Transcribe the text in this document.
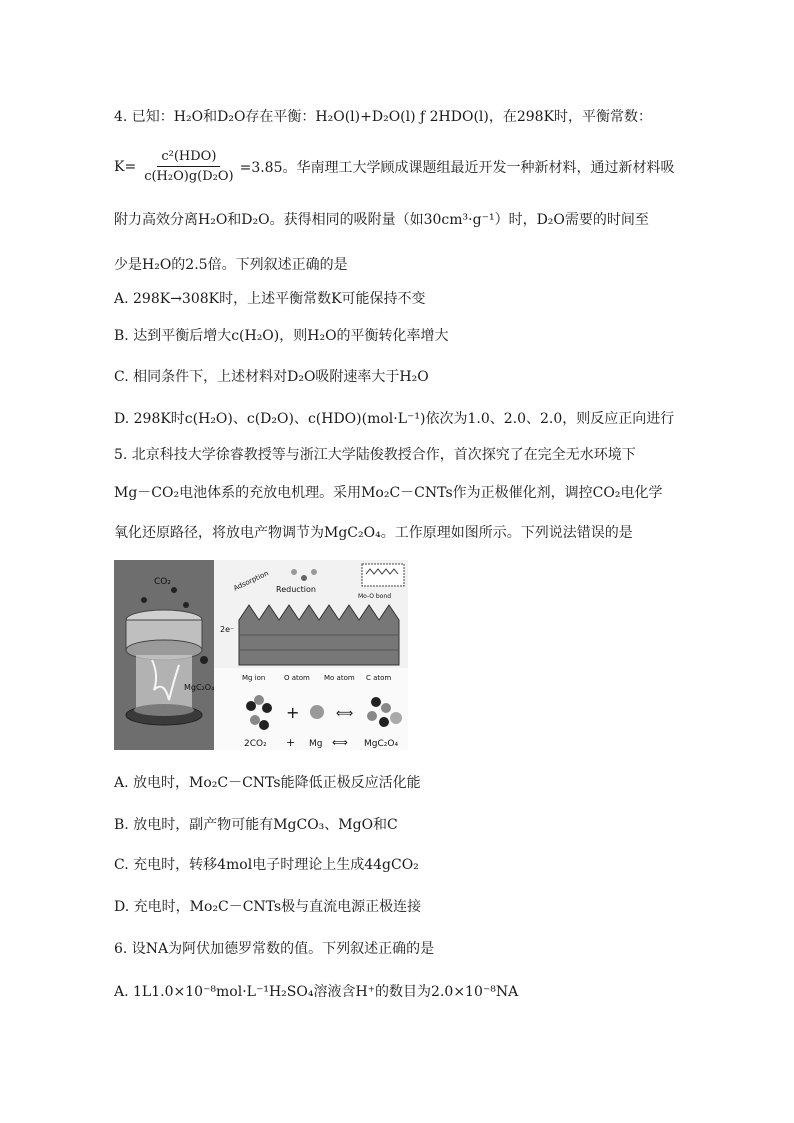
4. 已知：H₂O和D₂O存在平衡：H₂O(l)+D₂O(l) ƒ 2HDO(l)，在298K时，平衡常数：
$K= \frac{\text{c²(HDO)}}{\text{c(H₂O)g(D₂O)}} =3.85$。华南理工大学顾成课题组最近开发一种新材料，通过新材料吸
附力高效分离H₂O和D₂O。获得相同的吸附量（如30cm³·g⁻¹）时，D₂O需要的时间至
少是H₂O的2.5倍。下列叙述正确的是
A. 298K→308K时，上述平衡常数K可能保持不变
B. 达到平衡后增大c(H₂O)，则H₂O的平衡转化率增大
C. 相同条件下，上述材料对D₂O吸附速率大于H₂O
D. 298K时c(H₂O)、c(D₂O)、c(HDO)(mol·L⁻¹)依次为1.0、2.0、2.0，则反应正向进行
5. 北京科技大学徐睿教授等与浙江大学陆俊教授合作，首次探究了在完全无水环境下
Mg－CO₂电池体系的充放电机理。采用Mo₂C－CNTs作为正极催化剂，调控CO₂电化学
氧化还原路径，将放电产物调节为MgC₂O₄。工作原理如图所示。下列说法错误的是
CO₂
MgC₂O₄
2e⁻
Adsorption Reduction
Mo-O bond
Mg ion	O atom Mo atom C atom
+	⟺
2CO₂ + Mg ⟺ MgC₂O₄
A. 放电时，Mo₂C－CNTs能降低正极反应活化能
B. 放电时，副产物可能有MgCO₃、MgO和C
C. 充电时，转移4mol电子时理论上生成44gCO₂
D. 充电时，Mo₂C－CNTs极与直流电源正极连接
6. 设NA为阿伏加德罗常数的值。下列叙述正确的是
A. 1L1.0×10⁻⁸mol·L⁻¹H₂SO₄溶液含H⁺的数目为2.0×10⁻⁸NA
